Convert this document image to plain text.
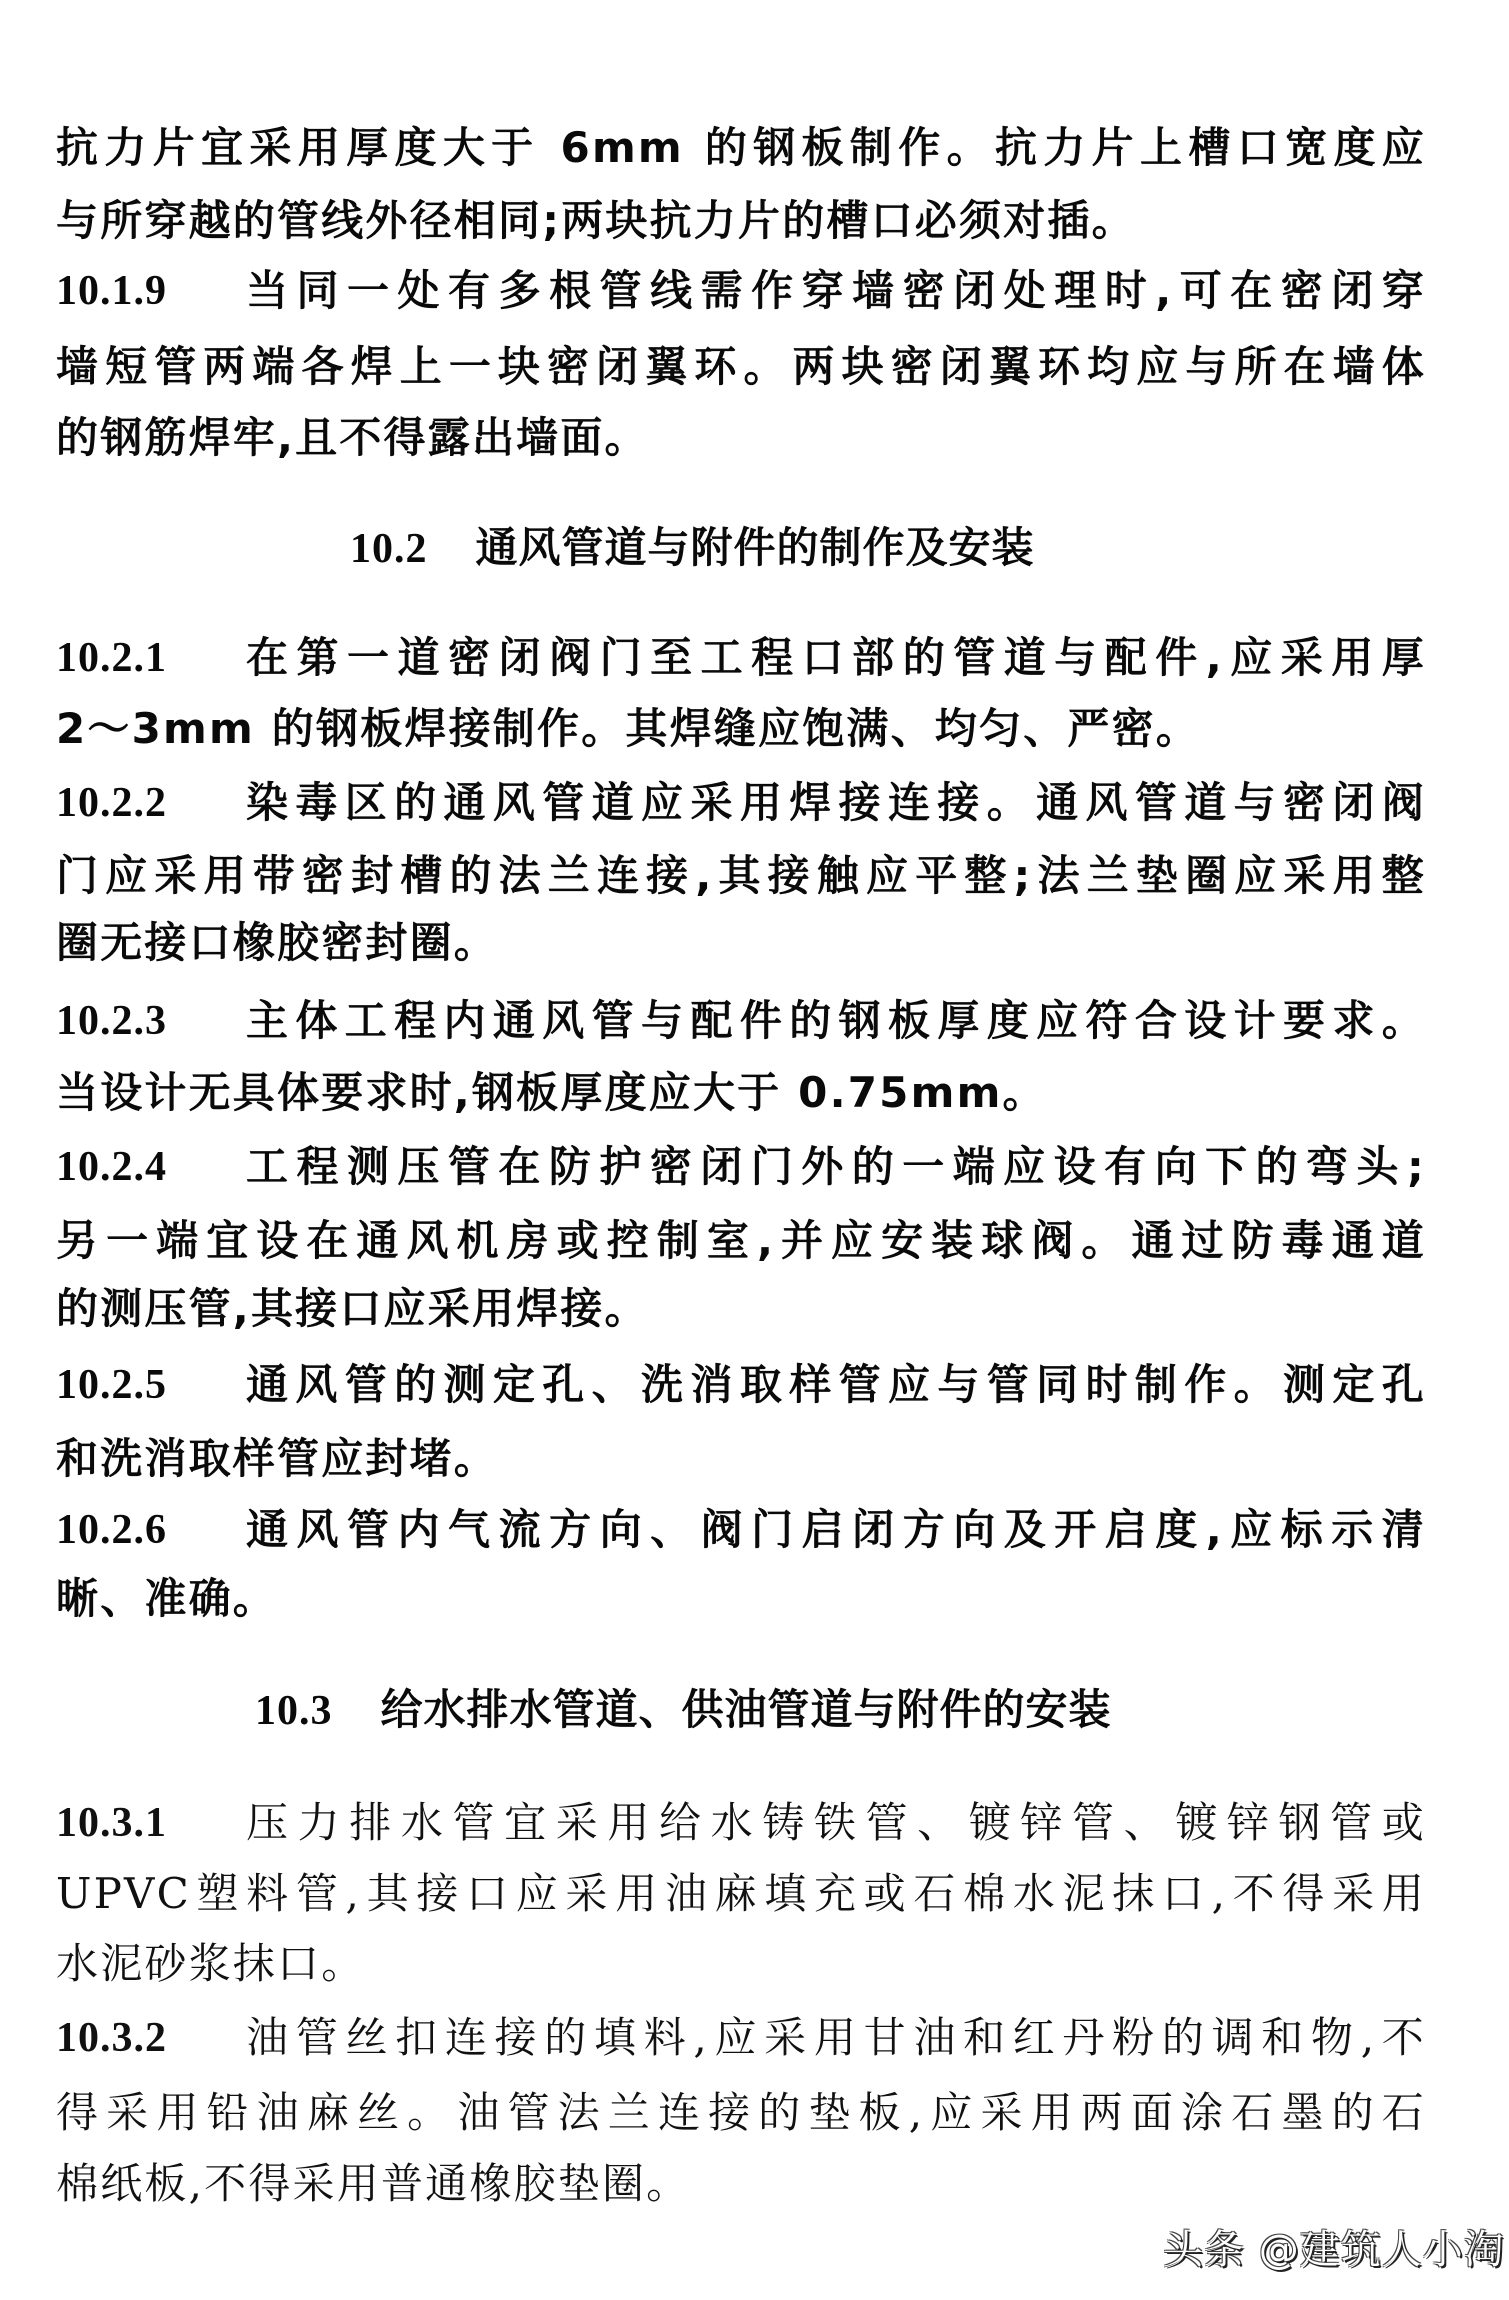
抗力片宜采用厚度大于 6mm 的钢板制作。抗力片上槽口宽度应
与所穿越的管线外径相同;两块抗力片的槽口必须对插。
10.1.9	当同一处有多根管线需作穿墙密闭处理时,可在密闭穿
墙短管两端各焊上一块密闭翼环。两块密闭翼环均应与所在墙体
的钢筋焊牢,且不得露出墙面。
10.2.1	在第一道密闭阀门至工程口部的管道与配件,应采用厚
2～3mm 的钢板焊接制作。其焊缝应饱满、均匀、严密。
10.2.2	染毒区的通风管道应采用焊接连接。通风管道与密闭阀
门应采用带密封槽的法兰连接,其接触应平整;法兰垫圈应采用整
圈无接口橡胶密封圈。
10.2.3	主体工程内通风管与配件的钢板厚度应符合设计要求。
当设计无具体要求时,钢板厚度应大于 0.75mm。
10.2.4	工程测压管在防护密闭门外的一端应设有向下的弯头;
另一端宜设在通风机房或控制室,并应安装球阀。通过防毒通道
的测压管,其接口应采用焊接。
10.2.5	通风管的测定孔、洗消取样管应与管同时制作。测定孔
和洗消取样管应封堵。
10.2.6	通风管内气流方向、阀门启闭方向及开启度,应标示清
晰、准确。
10.3.1	压力排水管宜采用给水铸铁管、镀锌管、镀锌钢管或
UPVC塑料管,其接口应采用油麻填充或石棉水泥抹口,不得采用
水泥砂浆抹口。
10.3.2	油管丝扣连接的填料,应采用甘油和红丹粉的调和物,不
得采用铅油麻丝。油管法兰连接的垫板,应采用两面涂石墨的石
棉纸板,不得采用普通橡胶垫圈。
10.2 通风管道与附件的制作及安装
10.3 给水排水管道、供油管道与附件的安装
头条 @建筑人小淘
